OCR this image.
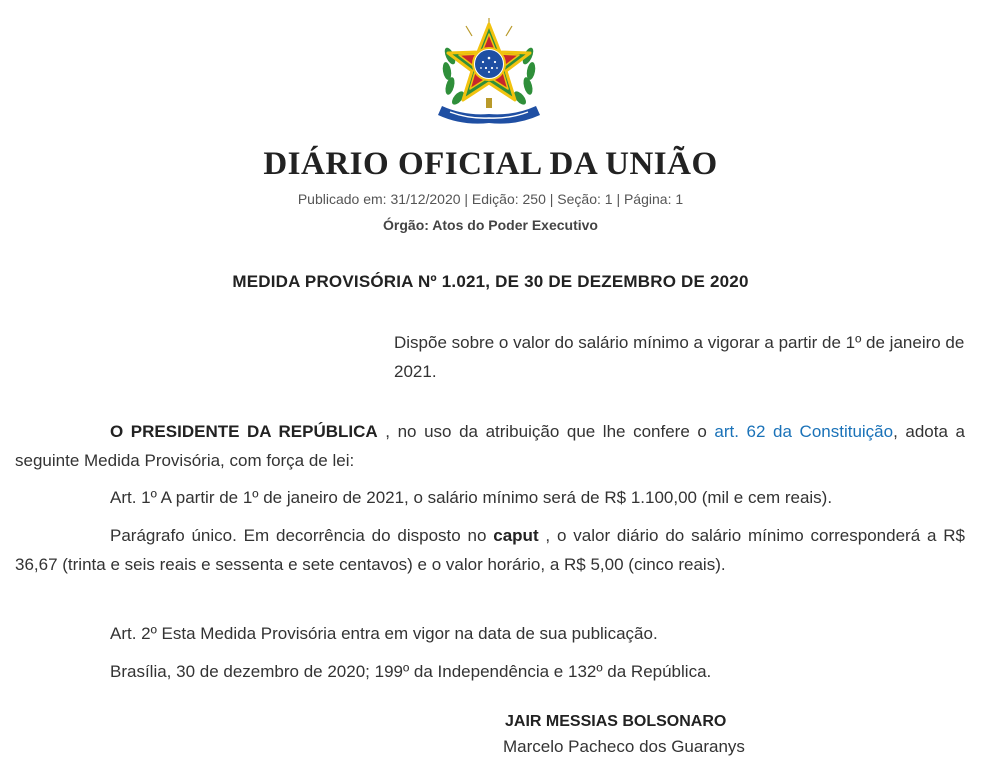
DIÁRIO OFICIAL DA UNIÃO
Publicado em: 31/12/2020 | Edição: 250 | Seção: 1 | Página: 1
Órgão: Atos do Poder Executivo
MEDIDA PROVISÓRIA Nº 1.021, DE 30 DE DEZEMBRO DE 2020
Dispõe sobre o valor do salário mínimo a vigorar a partir de 1º de janeiro de 2021.
O PRESIDENTE DA REPÚBLICA , no uso da atribuição que lhe confere o art. 62 da Constituição, adota a seguinte Medida Provisória, com força de lei:
Art. 1º A partir de 1º de janeiro de 2021, o salário mínimo será de R$ 1.100,00 (mil e cem reais).
Parágrafo único. Em decorrência do disposto no caput , o valor diário do salário mínimo corresponderá a R$ 36,67 (trinta e seis reais e sessenta e sete centavos) e o valor horário, a R$ 5,00 (cinco reais).
Art. 2º Esta Medida Provisória entra em vigor na data de sua publicação.
Brasília, 30 de dezembro de 2020; 199º da Independência e 132º da República.
JAIR MESSIAS BOLSONARO
Marcelo Pacheco dos Guaranys
